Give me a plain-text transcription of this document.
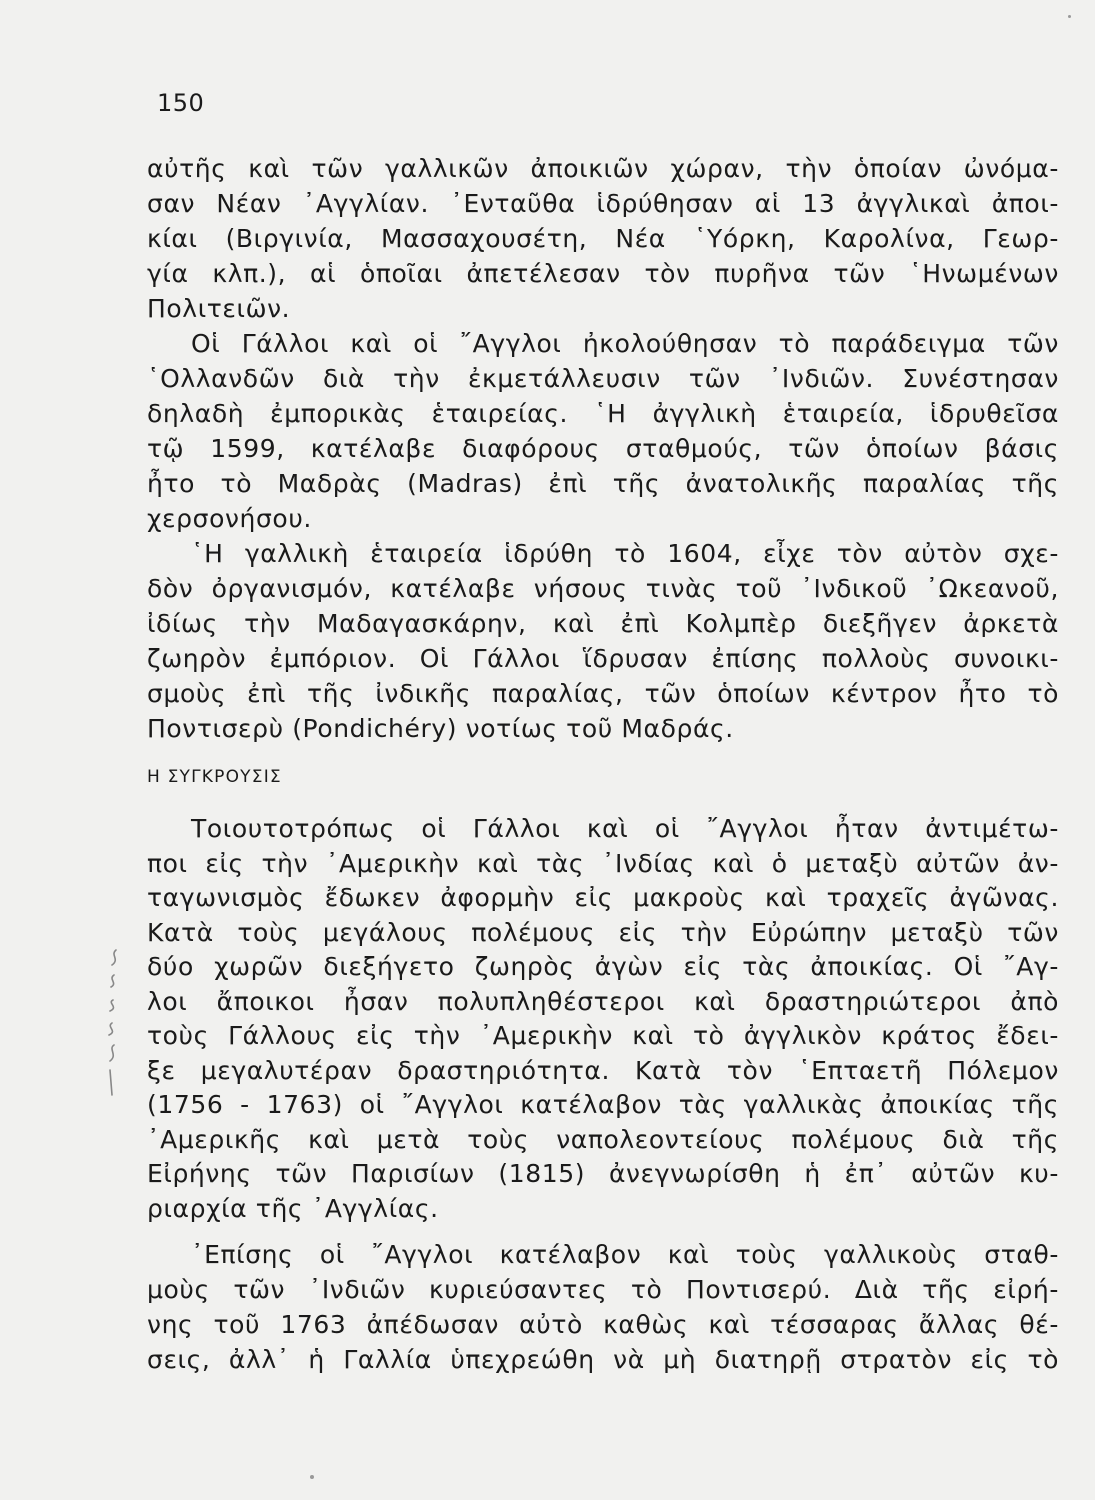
150
αὐτῆς καὶ τῶν γαλλικῶν ἀποικιῶν χώραν, τὴν ὁποίαν ὠνόμα-
σαν Νέαν ᾿Αγγλίαν. ᾿Ενταῦθα ἱδρύθησαν αἱ 13 ἀγγλικαὶ ἀποι-
κίαι (Βιργινία, Μασσαχουσέτη, Νέα ῾Υόρκη, Καρολίνα, Γεωρ-
γία κλπ.), αἱ ὁποῖαι ἀπετέλεσαν τὸν πυρῆνα τῶν ῾Ηνωμένων
Πολιτειῶν.
Οἱ Γάλλοι καὶ οἱ ῎Αγγλοι ἠκολούθησαν τὸ παράδειγμα τῶν
῾Ολλανδῶν διὰ τὴν ἐκμετάλλευσιν τῶν ᾿Ινδιῶν. Συνέστησαν
δηλαδὴ ἐμπορικὰς ἑταιρείας. ῾Η ἀγγλικὴ ἑταιρεία, ἱδρυθεῖσα
τῷ 1599, κατέλαβε διαφόρους σταθμούς, τῶν ὁποίων βάσις
ἦτο τὸ Μαδρὰς (Madras) ἐπὶ τῆς ἀνατολικῆς παραλίας τῆς
χερσονήσου.
῾Η γαλλικὴ ἑταιρεία ἱδρύθη τὸ 1604, εἶχε τὸν αὐτὸν σχε-
δὸν ὀργανισμόν, κατέλαβε νήσους τινὰς τοῦ ᾿Ινδικοῦ ᾿Ωκεανοῦ,
ἰδίως τὴν Μαδαγασκάρην, καὶ ἐπὶ Κολμπὲρ διεξῆγεν ἀρκετὰ
ζωηρὸν ἐμπόριον. Οἱ Γάλλοι ἵδρυσαν ἐπίσης πολλοὺς συνοικι-
σμοὺς ἐπὶ τῆς ἰνδικῆς παραλίας, τῶν ὁποίων κέντρον ἦτο τὸ
Ποντισερὺ (Pondichéry) νοτίως τοῦ Μαδράς.
Η ΣΥΓΚΡΟΥΣΙΣ
Τοιουτοτρόπως οἱ Γάλλοι καὶ οἱ ῎Αγγλοι ἦταν ἀντιμέτω-
ποι εἰς τὴν ᾿Αμερικὴν καὶ τὰς ᾿Ινδίας καὶ ὁ μεταξὺ αὐτῶν ἀν-
ταγωνισμὸς ἔδωκεν ἀφορμὴν εἰς μακροὺς καὶ τραχεῖς ἀγῶνας.
Κατὰ τοὺς μεγάλους πολέμους εἰς τὴν Εὐρώπην μεταξὺ τῶν
δύο χωρῶν διεξήγετο ζωηρὸς ἀγὼν εἰς τὰς ἀποικίας. Οἱ ῎Αγ-
λοι ἄποικοι ἦσαν πολυπληθέστεροι καὶ δραστηριώτεροι ἀπὸ
τοὺς Γάλλους εἰς τὴν ᾿Αμερικὴν καὶ τὸ ἀγγλικὸν κράτος ἔδει-
ξε μεγαλυτέραν δραστηριότητα. Κατὰ τὸν ῾Επταετῆ Πόλεμον
(1756 - 1763) οἱ ῎Αγγλοι κατέλαβον τὰς γαλλικὰς ἀποικίας τῆς
᾿Αμερικῆς καὶ μετὰ τοὺς ναπολεοντείους πολέμους διὰ τῆς
Εἰρήνης τῶν Παρισίων (1815) ἀνεγνωρίσθη ἡ ἐπ᾿ αὐτῶν κυ-
ριαρχία τῆς ᾿Αγγλίας.
᾿Επίσης οἱ ῎Αγγλοι κατέλαβον καὶ τοὺς γαλλικοὺς σταθ-
μοὺς τῶν ᾿Ινδιῶν κυριεύσαντες τὸ Ποντισερύ. Διὰ τῆς εἰρή-
νης τοῦ 1763 ἀπέδωσαν αὐτὸ καθὼς καὶ τέσσαρας ἄλλας θέ-
σεις, ἀλλ᾿ ἡ Γαλλία ὑπεχρεώθη νὰ μὴ διατηρῇ στρατὸν εἰς τὸ
